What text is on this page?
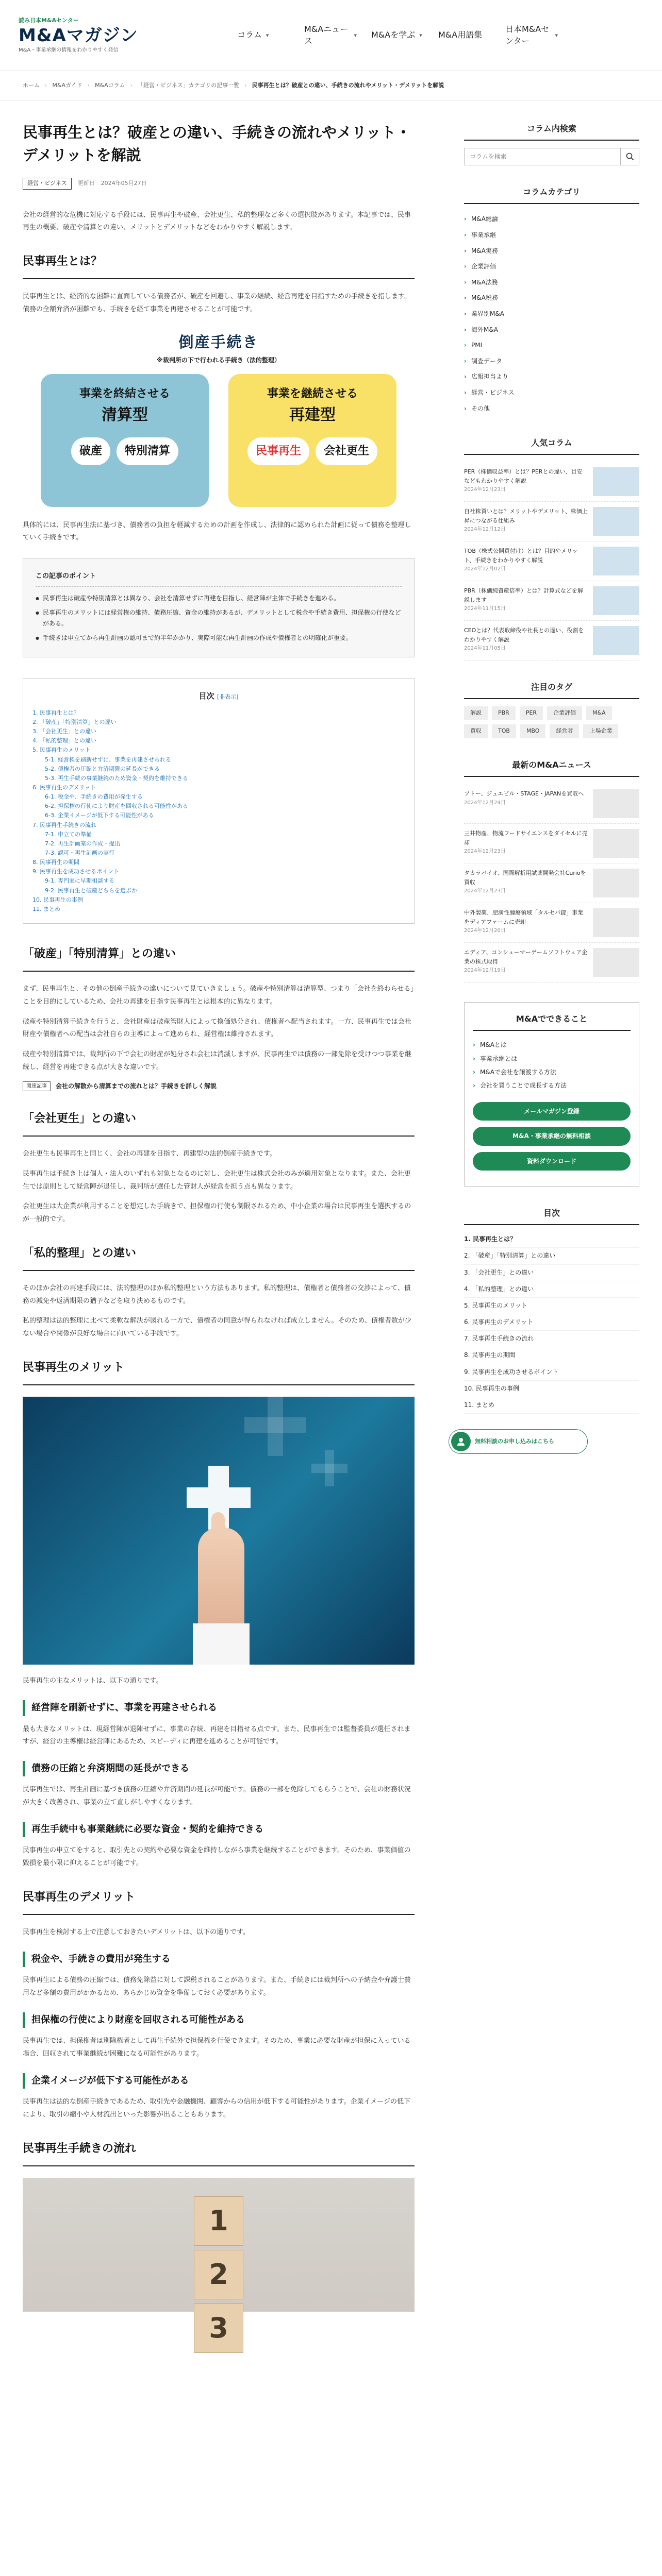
読み日本M&Aセンター
M&Aマガジン
M&A・事業承継の情報をわかりやすく発信
コラム ▾
M&Aニュース
▾ M&Aを学ぶ ▾ M&A用語集
日本M&Aセンター
▾
ホーム › M&Aガイド › M&Aコラム › 「経営・ビジネス」カテゴリの記事一覧 › 民事再生とは？破産との違い、手続きの流れやメリット・デメリットを解説
民事再生とは？破産との違い、手続きの流れやメリット・デメリットを解説
経営・ビジネス	更新日 2024年05月27日

会社の経営的な危機に対応する手段には、民事再生や破産、会社更生、私的整理など多くの選択肢があります。本記事では、民事再生の概要、破産や清算との違い、メリットとデメリットなどをわかりやすく解説します。

民事再生とは？

民事再生とは、経済的な困難に直面している債務者が、破産を回避し、事業の継続、経営再建を目指すための手続きを指します。債務の全額弁済が困難でも、手続きを経て事業を再建させることが可能です。

倒産手続き
※裁判所の下で行われる手続き（法的整理）
事業を終結させる
清算型
破産	特別清算
事業を継続させる
再建型
民事再生	会社更生

具体的には、民事再生法に基づき、債務者の負担を軽減するための計画を作成し、法律的に認められた計画に従って債務を整理していく手続きです。

この記事のポイント
● 民事再生は破産や特別清算とは異なり、会社を清算せずに再建を目指し、経営陣が主体で手続きを進める。
● 民事再生のメリットには経営権の維持、債務圧縮、資金の維持があるが、デメリットとして税金や手続き費用、担保権の行使などがある。
● 手続きは申立てから再生計画の認可まで約半年かかり、実際可能な再生計画の作成や債権者との明確化が重要。
目次 [非表示]
1. 民事再生とは？
2. 「破産」「特別清算」との違い
3. 「会社更生」との違い
4. 「私的整理」との違い
5. 民事再生のメリット
5-1. 経営権を刷新せずに、事業を再建させられる
5-2. 債権者の圧縮と弁済期限の延長ができる
5-3. 再生手続の事業継続のため資金・契約を維持できる
6. 民事再生のデメリット
6-1. 税金や、手続きの費用が発生する
6-2. 担保権の行使により財産を回収される可能性がある
6-3. 企業イメージが低下する可能性がある
7. 民事再生手続きの流れ
7-1. 申立ての準備
7-2. 再生計画案の作成・提出
7-3. 認可・再生計画の実行
8. 民事再生の期間
9. 民事再生を成功させるポイント
9-1. 専門家に早期相談する
9-2. 民事再生と破産どちらを選ぶか
10. 民事再生の事例
11. まとめ
「破産」「特別清算」との違い

まず、民事再生と、その他の倒産手続きの違いについて見ていきましょう。破産や特別清算は清算型、つまり「会社を終わらせる」ことを目的にしているため、会社の再建を目指す民事再生とは根本的に異なります。

破産や特別清算手続きを行うと、会社財産は破産管財人によって換価処分され、債権者へ配当されます。一方、民事再生では会社財産や債権者への配当は会社自らの主導によって進められ、経営権は維持されます。

破産や特別清算では、裁判所の下で会社の財産が処分され会社は消滅しますが、民事再生では債務の一部免除を受けつつ事業を継続し、経営を再建できる点が大きな違いです。

関連記事	会社の解散から清算までの流れとは？手続きを詳しく解説
「会社更生」との違い

会社更生も民事再生と同じく、会社の再建を目指す、再建型の法的倒産手続きです。

民事再生は手続き上は個人・法人のいずれも対象となるのに対し、会社更生は株式会社のみが適用対象となります。また、会社更生では原則として経営陣が退任し、裁判所が選任した管財人が経営を担う点も異なります。

会社更生は大企業が利用することを想定した手続きで、担保権の行使も制限されるため、中小企業の場合は民事再生を選択するのが一般的です。

「私的整理」との違い

そのほか会社の再建手段には、法的整理のほか私的整理という方法もあります。私的整理は、債権者と債務者の交渉によって、債務の減免や返済期限の猶予などを取り決めるものです。

私的整理は法的整理に比べて柔軟な解決が図れる一方で、債権者の同意が得られなければ成立しません。そのため、債権者数が少ない場合や関係が良好な場合に向いている手段です。

民事再生のメリット

民事再生の主なメリットは、以下の通りです。

経営陣を刷新せずに、事業を再建させられる

最も大きなメリットは、現経営陣が退陣せずに、事業の存続、再建を目指せる点です。また、民事再生では監督委員が選任されますが、経営の主導権は経営陣にあるため、スピーディに再建を進めることが可能です。

債務の圧縮と弁済期間の延長ができる

民事再生では、再生計画に基づき債務の圧縮や弁済期間の延長が可能です。債務の一部を免除してもらうことで、会社の財務状況が大きく改善され、事業の立て直しがしやすくなります。

再生手続中も事業継続に必要な資金・契約を維持できる

民事再生の申立てをすると、取引先との契約や必要な資金を維持しながら事業を継続することができます。そのため、事業価値の毀損を最小限に抑えることが可能です。

民事再生のデメリット

民事再生を検討する上で注意しておきたいデメリットは、以下の通りです。

税金や、手続きの費用が発生する

民事再生による債務の圧縮では、債務免除益に対して課税されることがあります。また、手続きには裁判所への予納金や弁護士費用など多額の費用がかかるため、あらかじめ資金を準備しておく必要があります。

担保権の行使により財産を回収される可能性がある

民事再生では、担保権者は別除権者として再生手続外で担保権を行使できます。そのため、事業に必要な財産が担保に入っている場合、回収されて事業継続が困難になる可能性があります。

企業イメージが低下する可能性がある

民事再生は法的な倒産手続きであるため、取引先や金融機関、顧客からの信用が低下する可能性があります。企業イメージの低下により、取引の縮小や人材流出といった影響が出ることもあります。

民事再生手続きの流れ
1
2
3
コラム内検索
コラムを検索
コラムカテゴリ
› M&A総論
› 事業承継
› M&A実務
› 企業評価
› M&A法務
› M&A税務
› 業界別M&A
› 海外M&A
› PMI
› 調査データ
› 広報担当より
› 経営・ビジネス
› その他
人気コラム
PER（株価収益率）とは？PERとの違い、目安などもわかりやすく解説
2024年12月23日
自社株買いとは？メリットやデメリット、株価上昇につながる仕組み
2024年12月12日
TOB（株式公開買付け）とは？目的やメリット、手続きをわかりやすく解説
2024年12月02日
PBR（株価純資産倍率）とは？計算式などを解説します
2024年11月15日
CEOとは？代表取締役や社長との違い、役割をわかりやすく解説
2024年11月05日
注目のタグ
解説	PBR	PER	企業評価	M&A
買収	TOB	MBO	経営者	上場企業
最新のM&Aニュース
ソトー、ジュエビル・STAGE・JAPANを買収へ
2024年12月24日
三井物産、物流フードサイエンスをダイセルに売却
2024年12月23日
タカラバイオ、国際解析用試薬開発会社Curioを買収
2024年12月23日
中外製薬、肥満性腫瘍領域「タルセバ錠」事業をディアファームに売却
2024年12月20日
エディア、コンシューマーゲームソフトウェア企業の株式取得
2024年12月19日
M&Aでできること
› M&Aとは
› 事業承継とは
› M&Aで会社を譲渡する方法
› 会社を買うことで成長する方法
メールマガジン登録
M&A・事業承継の無料相談
資料ダウンロード
目次
1. 民事再生とは？
2. 「破産」「特別清算」との違い
3. 「会社更生」との違い
4. 「私的整理」との違い
5. 民事再生のメリット
6. 民事再生のデメリット
7. 民事再生手続きの流れ
8. 民事再生の期間
9. 民事再生を成功させるポイント
10. 民事再生の事例
11. まとめ
無料相談のお申し込みはこちら
